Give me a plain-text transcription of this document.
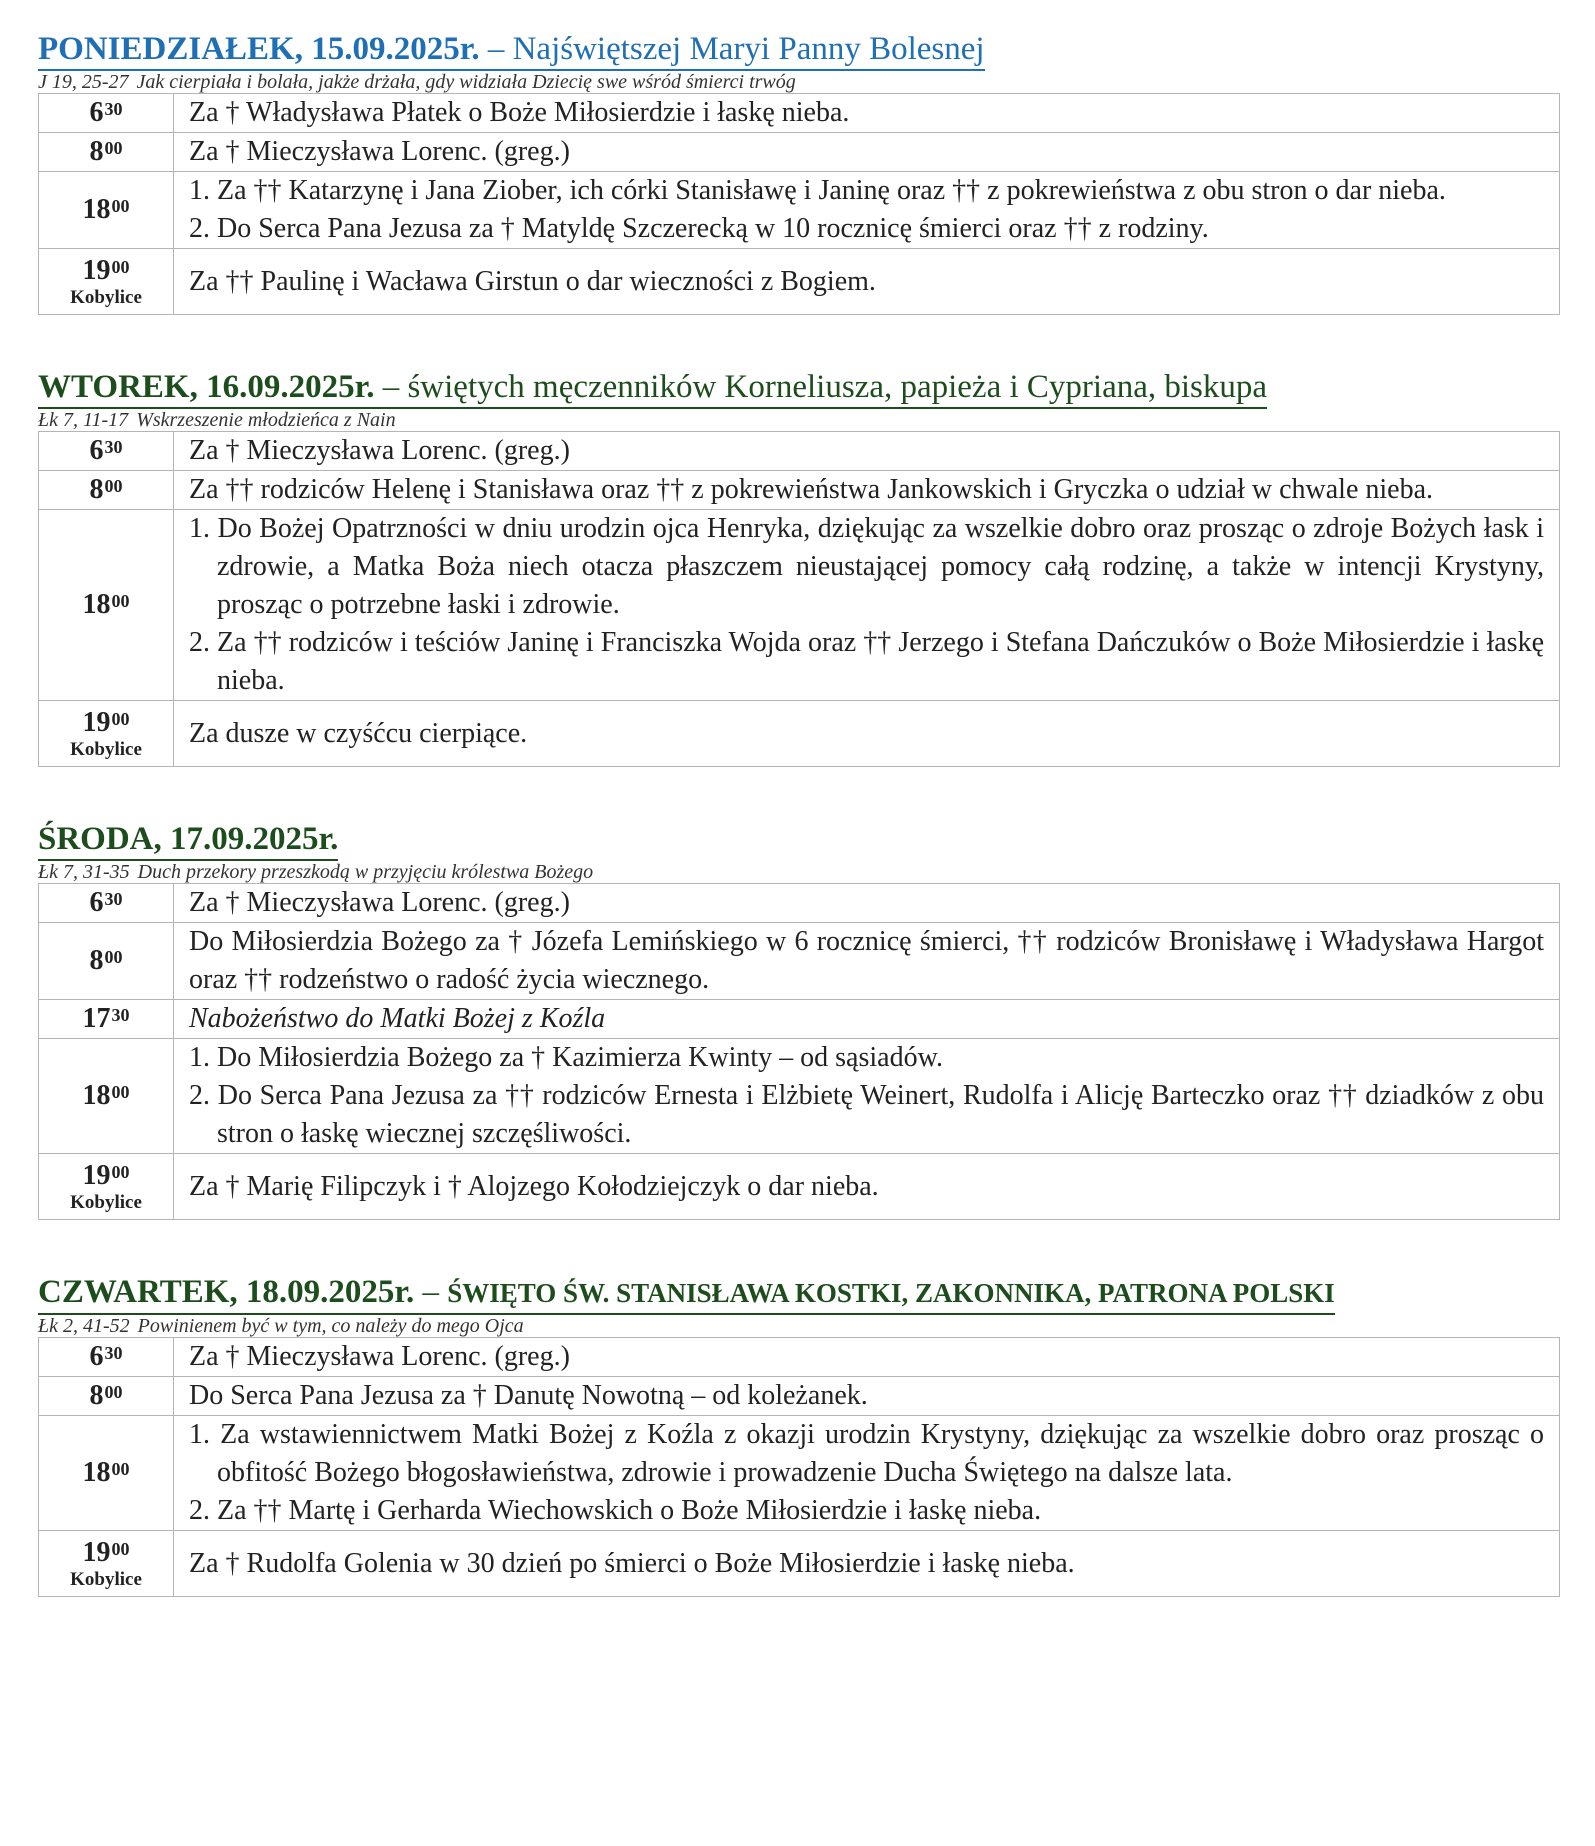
PONIEDZIAŁEK, 15.09.2025r. – Najświętszej Maryi Panny Bolesnej

J 19, 25-27 Jak cierpiała i bolała, jakże drżała, gdy widziała Dziecię swe wśród śmierci trwóg

$6^{30}$	Za † Władysława Płatek o Boże Miłosierdzie i łaskę nieba.

$8^{00}$	Za † Mieczysława Lorenc. (greg.)

$18^{00}$	1. Za †† Katarzynę i Jana Ziober, ich córki Stanisławę i Janinę oraz †† z pokrewieństwa z obu stron o dar nieba.

2. Do Serca Pana Jezusa za † Matyldę Szczerecką w 10 rocznicę śmierci oraz †† z rodziny.

$19^{00}$
Kobylice	Za †† Paulinę i Wacława Girstun o dar wieczności z Bogiem.

WTOREK, 16.09.2025r. – świętych męczenników Korneliusza, papieża i Cypriana, biskupa

Łk 7, 11-17 Wskrzeszenie młodzieńca z Nain

$6^{30}$	Za † Mieczysława Lorenc. (greg.)

$8^{00}$	Za †† rodziców Helenę i Stanisława oraz †† z pokrewieństwa Jankowskich i Gryczka o udział w chwale nieba.

$18^{00}$	1. Do Bożej Opatrzności w dniu urodzin ojca Henryka, dziękując za wszelkie dobro oraz prosząc o zdroje Bożych łask i zdrowie, a Matka Boża niech otacza płaszczem nieustającej pomocy całą rodzinę, a także w intencji Krystyny, prosząc o potrzebne łaski i zdrowie.

2. Za †† rodziców i teściów Janinę i Franciszka Wojda oraz †† Jerzego i Stefana Dańczuków o Boże Miłosierdzie i łaskę nieba.

$19^{00}$
Kobylice	Za dusze w czyśćcu cierpiące.

ŚRODA, 17.09.2025r.

Łk 7, 31-35 Duch przekory przeszkodą w przyjęciu królestwa Bożego

$6^{30}$	Za † Mieczysława Lorenc. (greg.)

$8^{00}$	Do Miłosierdzia Bożego za † Józefa Lemińskiego w 6 rocznicę śmierci, †† rodziców Bronisławę i Władysława Hargot oraz †† rodzeństwo o radość życia wiecznego.

$17^{30}$	Nabożeństwo do Matki Bożej z Koźla

$18^{00}$	1. Do Miłosierdzia Bożego za † Kazimierza Kwinty – od sąsiadów.

2. Do Serca Pana Jezusa za †† rodziców Ernesta i Elżbietę Weinert, Rudolfa i Alicję Barteczko oraz †† dziadków z obu stron o łaskę wiecznej szczęśliwości.

$19^{00}$
Kobylice	Za † Marię Filipczyk i † Alojzego Kołodziejczyk o dar nieba.

CZWARTEK, 18.09.2025r. – ŚWIĘTO ŚW. STANISŁAWA KOSTKI, ZAKONNIKA, PATRONA POLSKI

Łk 2, 41-52 Powinienem być w tym, co należy do mego Ojca

$6^{30}$	Za † Mieczysława Lorenc. (greg.)

$8^{00}$	Do Serca Pana Jezusa za † Danutę Nowotną – od koleżanek.

$18^{00}$	1. Za wstawiennictwem Matki Bożej z Koźla z okazji urodzin Krystyny, dziękując za wszelkie dobro oraz prosząc o obfitość Bożego błogosławieństwa, zdrowie i prowadzenie Ducha Świętego na dalsze lata.

2. Za †† Martę i Gerharda Wiechowskich o Boże Miłosierdzie i łaskę nieba.

$19^{00}$
Kobylice	Za † Rudolfa Golenia w 30 dzień po śmierci o Boże Miłosierdzie i łaskę nieba.
